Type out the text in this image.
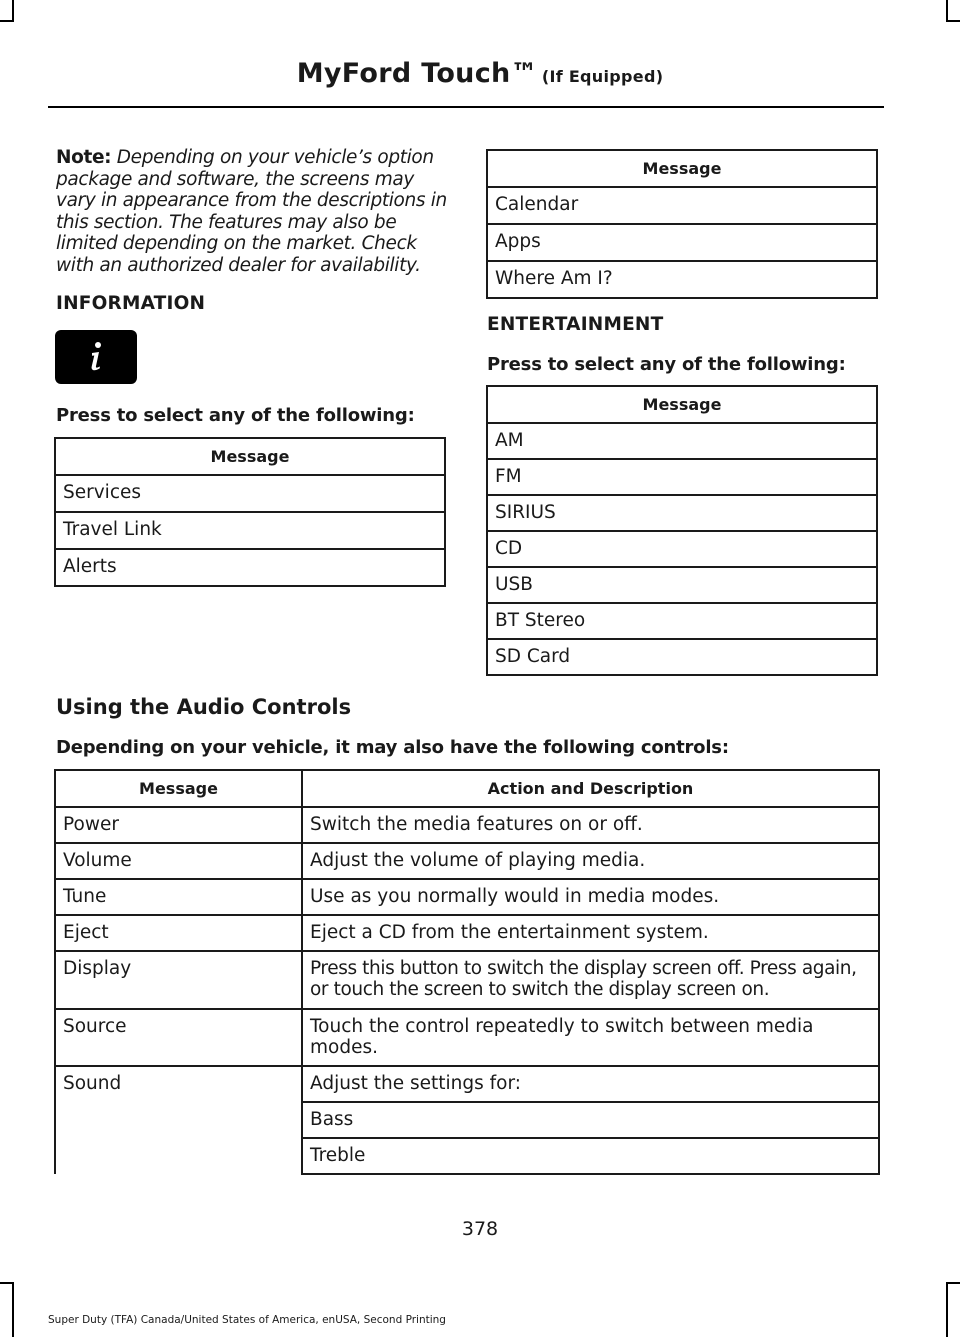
MyFord Touch™ (If Equipped)
Note: Depending on your vehicle’s option package and software, the screens may vary in appearance from the descriptions in this section. The features may also be limited depending on the market. Check with an authorized dealer for availability.
INFORMATION
Press to select any of the following:
Message
Services
Travel Link
Alerts
Message
Calendar
Apps
Where Am I?
ENTERTAINMENT
Press to select any of the following:
Message
AM
FM
SIRIUS
CD
USB
BT Stereo
SD Card
Using the Audio Controls
Depending on your vehicle, it may also have the following controls:
Message	Action and Description
Power	Switch the media features on or off.
Volume	Adjust the volume of playing media.
Tune	Use as you normally would in media modes.
Eject	Eject a CD from the entertainment system.
Display	Press this button to switch the display screen off. Press again, or touch the screen to switch the display screen on.
Source	Touch the control repeatedly to switch between media modes.
Sound	Adjust the settings for:
	Bass
	Treble
378
Super Duty (TFA) Canada/United States of America, enUSA, Second Printing
